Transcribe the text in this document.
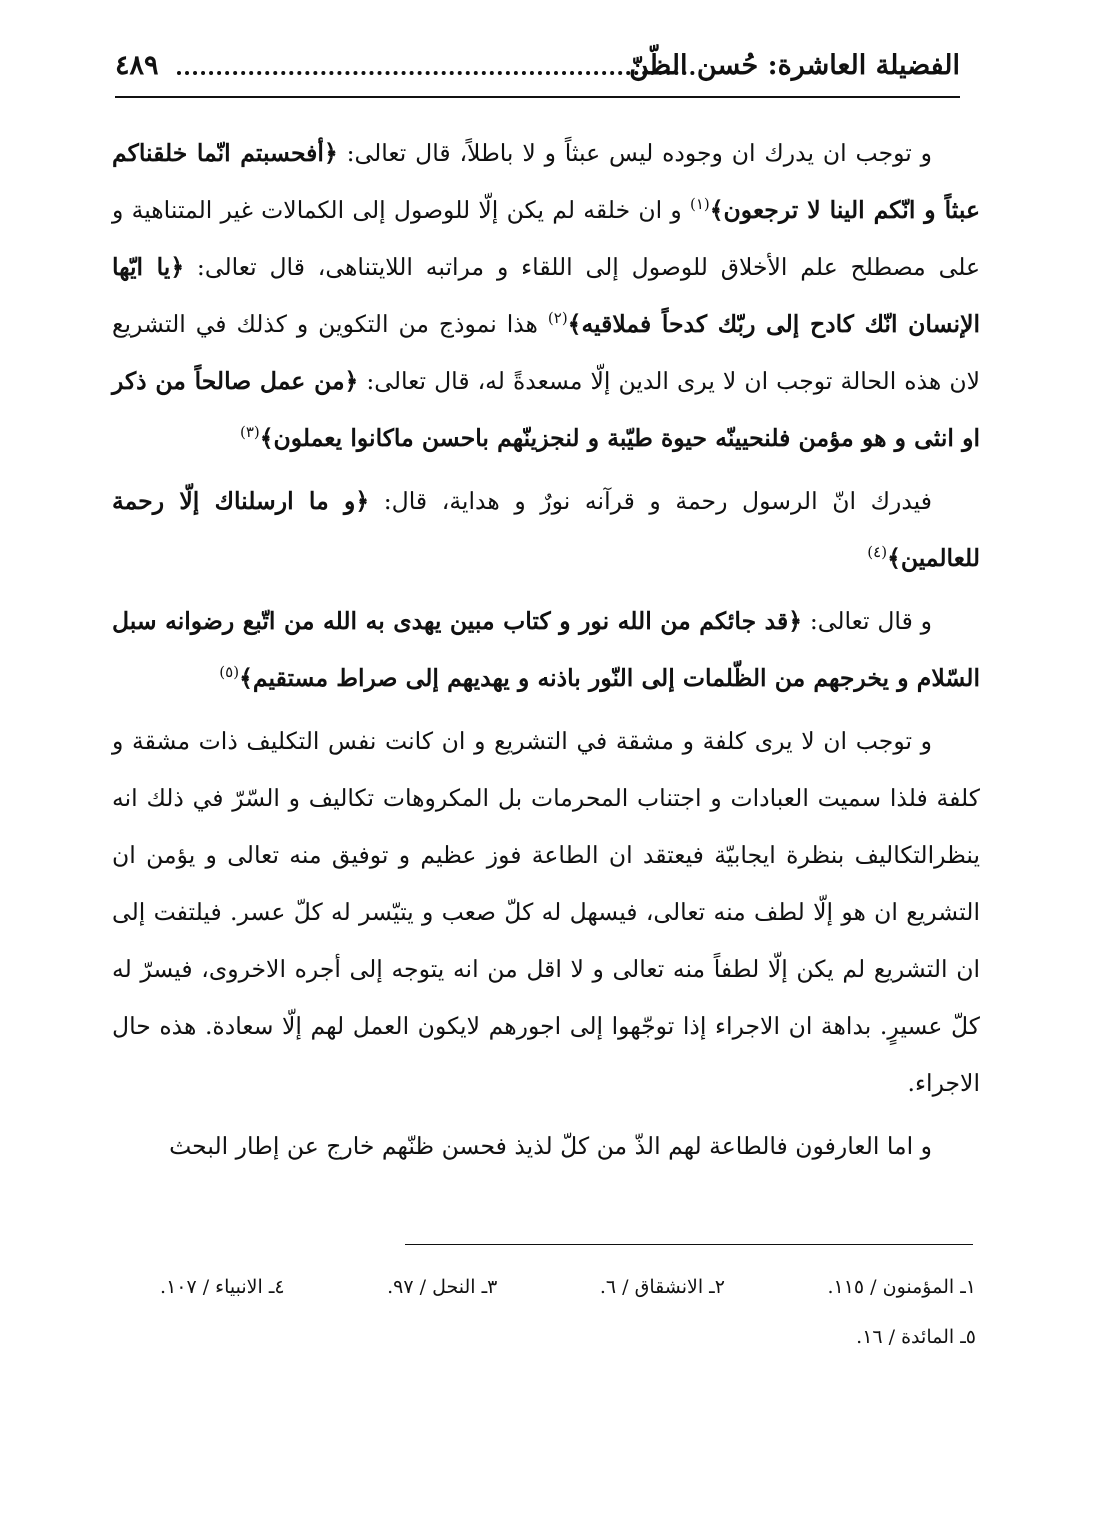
الفضيلة العاشرة: حُسن الظّنّ
٤٨٩

و توجب ان يدرك ان وجوده ليس عبثاً و لا باطلاً، قال تعالى: ﴿أفحسبتم انّما خلقناكم عبثاً و انّكم الينا لا ترجعون﴾$^{(١)}$ و ان خلقه لم يكن إلّا للوصول إلى الكمالات غير المتناهية و على مصطلح علم الأخلاق للوصول إلى اللقاء و مراتبه اللايتناهى، قال تعالى: ﴿يا ايّها الإنسان انّك كادح إلى ربّك كدحاً فملاقيه﴾$^{(٢)}$ هذا نموذج من التكوين و كذلك في التشريع لان هذه الحالة توجب ان لا يرى الدين إلّا مسعدةً له، قال تعالى: ﴿من عمل صالحاً من ذكر او انثى و هو مؤمن فلنحيينّه حيوة طيّبة و لنجزينّهم باحسن ماكانوا يعملون﴾$^{(٣)}$

فيدرك انّ الرسول رحمة و قرآنه نورٌ و هداية، قال: ﴿و ما ارسلناك إلّا رحمة للعالمين﴾$^{(٤)}$

و قال تعالى: ﴿قد جائكم من الله نور و كتاب مبين يهدى به الله من اتّبع رضوانه سبل السّلام و يخرجهم من الظّلمات إلى النّور باذنه و يهديهم إلى صراط مستقيم﴾$^{(٥)}$

و توجب ان لا يرى كلفة و مشقة في التشريع و ان كانت نفس التكليف ذات مشقة و كلفة فلذا سميت العبادات و اجتناب المحرمات بل المكروهات تكاليف و السّرّ في ذلك انه ينظرالتكاليف بنظرة ايجابيّة فيعتقد ان الطاعة فوز عظيم و توفيق منه تعالى و يؤمن ان التشريع ان هو إلّا لطف منه تعالى، فيسهل له كلّ صعب و يتيّسر له كلّ عسر. فيلتفت إلى ان التشريع لم يكن إلّا لطفاً منه تعالى و لا اقل من انه يتوجه إلى أجره الاخروى، فيسرّ له كلّ عسيرٍ. بداهة ان الاجراء إذا توجّهوا إلى اجورهم لايكون العمل لهم إلّا سعادة. هذه حال الاجراء.

و اما العارفون فالطاعة لهم الذّ من كلّ لذيذ فحسن ظنّهم خارج عن إطار البحث

١ـ المؤمنون / ١١٥.
٢ـ الانشقاق / ٦.
٣ـ النحل / ٩٧.
٤ـ الانبياء / ١٠٧.
٥ـ المائدة / ١٦.
